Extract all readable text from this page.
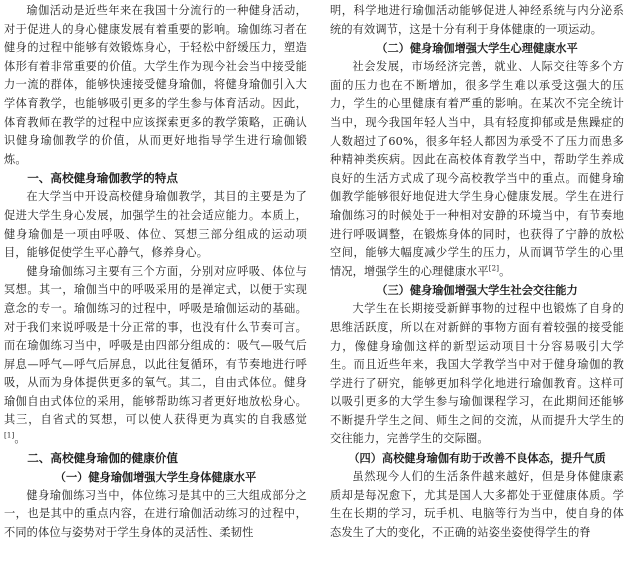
瑜伽活动是近些年来在我国十分流行的一种健身活动，对于促进人的身心健康发展有着重要的影响。瑜伽练习者在健身的过程中能够有效锻炼身心，于轻松中舒缓压力，塑造体形有着非常重要的价值。大学生作为现今社会当中接受能力一流的群体，能够快速接受健身瑜伽，将健身瑜伽引入大学体育教学，也能够吸引更多的学生参与体育活动。因此，体育教师在教学的过程中应该探索更多的教学策略，正确认识健身瑜伽教学的价值，从而更好地指导学生进行瑜伽锻炼。

一、高校健身瑜伽教学的特点

在大学当中开设高校健身瑜伽教学，其目的主要是为了促进大学生身心发展，加强学生的社会适应能力。本质上，健身瑜伽是一项由呼吸、体位、冥想三部分组成的运动项目，能够促使学生平心静气，修养身心。

健身瑜伽练习主要有三个方面，分别对应呼吸、体位与冥想。其一，瑜伽当中的呼吸采用的是禅定式，以便于实现意念的专一。瑜伽练习的过程中，呼吸是瑜伽运动的基础。对于我们来说呼吸是十分正常的事，也没有什么节奏可言。而在瑜伽练习当中，呼吸是由四部分组成的：吸气—吸气后屏息—呼气—呼气后屏息，以此往复循环，有节奏地进行呼吸，从而为身体提供更多的氧气。其二，自由式体位。健身瑜伽自由式体位的采用，能够帮助练习者更好地放松身心。其三，自省式的冥想，可以使人获得更为真实的自我感觉[1]。

二、高校健身瑜伽的健康价值
（一）健身瑜伽增强大学生身体健康水平

健身瑜伽练习当中，体位练习是其中的三大组成部分之一，也是其中的重点内容，在进行瑜伽活动练习的过程中，不同的体位与姿势对于学生身体的灵活性、柔韧性

明，科学地进行瑜伽活动能够促进人神经系统与内分泌系统的有效调节，这是十分有利于身体健康的一项运动。

（二）健身瑜伽增强大学生心理健康水平

社会发展，市场经济完善，就业、人际交往等多个方面的压力也在不断增加，很多学生难以承受这强大的压力，学生的心里健康有着严重的影响。在某次不完全统计当中，现今我国年轻人当中，具有轻度抑郁或是焦躁症的人数超过了60%，很多年轻人都因为承受不了压力而患多种精神类疾病。因此在高校体育教学当中，帮助学生养成良好的生活方式成了现今高校教学当中的重点。而健身瑜伽教学能够很好地促进大学生身心健康发展。学生在进行瑜伽练习的时候处于一种相对安静的环境当中，有节奏地进行呼吸调整，在锻炼身体的同时，也获得了宁静的放松空间，能够大幅度减少学生的压力，从而调节学生的心里情况，增强学生的心理健康水平[2]。

（三）健身瑜伽增强大学生社会交往能力

大学生在长期接受新鲜事物的过程中也锻炼了自身的思维活跃度，所以在对新鲜的事物方面有着较强的接受能力，像健身瑜伽这样的新型运动项目十分容易吸引大学生。而且近些年来，我国大学教学当中对于健身瑜伽的教学进行了研究，能够更加科学化地进行瑜伽教育。这样可以吸引更多的大学生参与瑜伽课程学习，在此期间还能够不断提升学生之间、师生之间的交流，从而提升大学生的交往能力，完善学生的交际圈。

（四）高校健身瑜伽有助于改善不良体态，提升气质

虽然现今人们的生活条件越来越好，但是身体健康素质却是每况愈下，尤其是国人大多都处于亚健康体质。学生在长期的学习，玩手机、电脑等行为当中，使自身的体态发生了大的变化，不正确的站姿坐姿使得学生的脊
